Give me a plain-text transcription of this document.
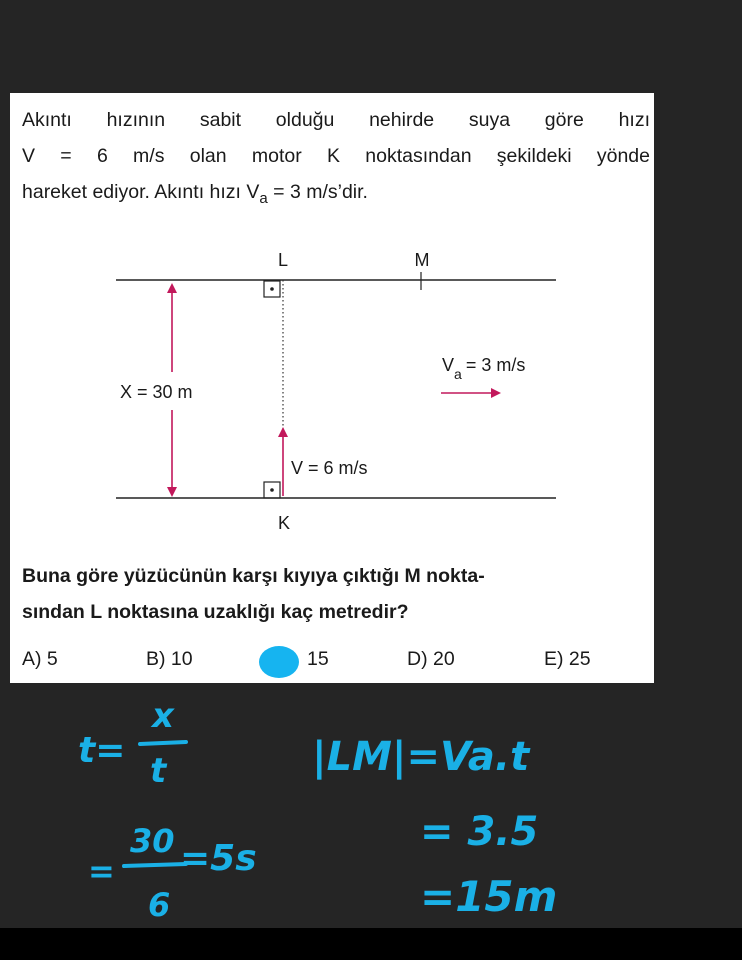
Akıntı hızının sabit olduğu nehirde suya göre hızı
V = 6 m/s olan motor K noktasından şekildeki yönde
hareket ediyor. Akıntı hızı $V_a = 3$ m/s’dir.
L	M
K
X = 30 m
V = 6 m/s
$V_a = 3$ m/s
Buna göre yüzücünün karşı kıyıya çıktığı M nokta-
sından L noktasına uzaklığı kaç metredir?
A) 5	B) 10	15	D) 20	E) 25
t=
x
t
=
30
6
=5s
|LM|=Va.t
= 3.5
=15m
